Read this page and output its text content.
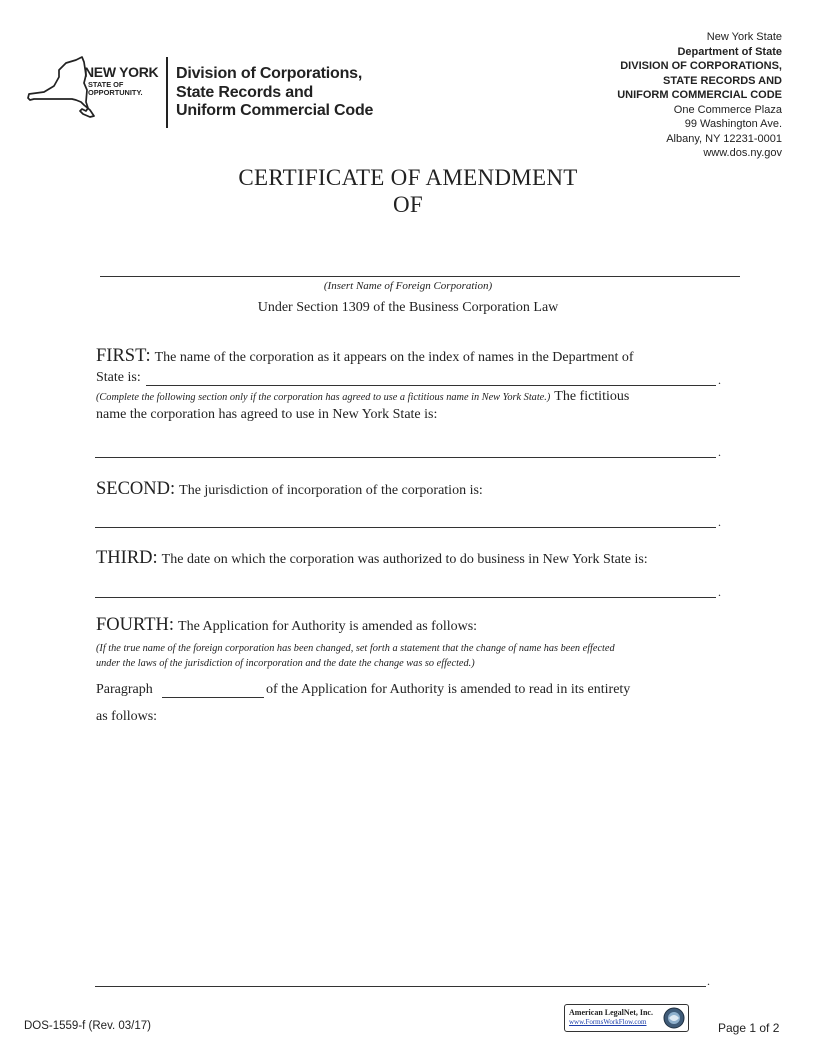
NEW YORK
STATE OF
OPPORTUNITY.
Division of Corporations,
State Records and
Uniform Commercial Code
New York State
Department of State
DIVISION OF CORPORATIONS,
STATE RECORDS AND
UNIFORM COMMERCIAL CODE
One Commerce Plaza
99 Washington Ave.
Albany, NY 12231-0001
www.dos.ny.gov
CERTIFICATE OF AMENDMENT
OF
(Insert Name of Foreign Corporation)
Under Section 1309 of the Business Corporation Law
FIRST: The name of the corporation as it appears on the index of names in the Department of
State is:	.
(Complete the following section only if the corporation has agreed to use a fictitious name in New York State.) The fictitious
name the corporation has agreed to use in New York State is:
.
SECOND: The jurisdiction of incorporation of the corporation is:
.
THIRD: The date on which the corporation was authorized to do business in New York State is:
.
FOURTH: The Application for Authority is amended as follows:
(If the true name of the foreign corporation has been changed, set forth a statement that the change of name has been effected
under the laws of the jurisdiction of incorporation and the date the change was so effected.)
Paragraph	of the Application for Authority is amended to read in its entirety
as follows:
.
DOS-1559-f (Rev. 03/17)
American LegalNet, Inc.
www.FormsWorkFlow.com	Page 1 of 2
